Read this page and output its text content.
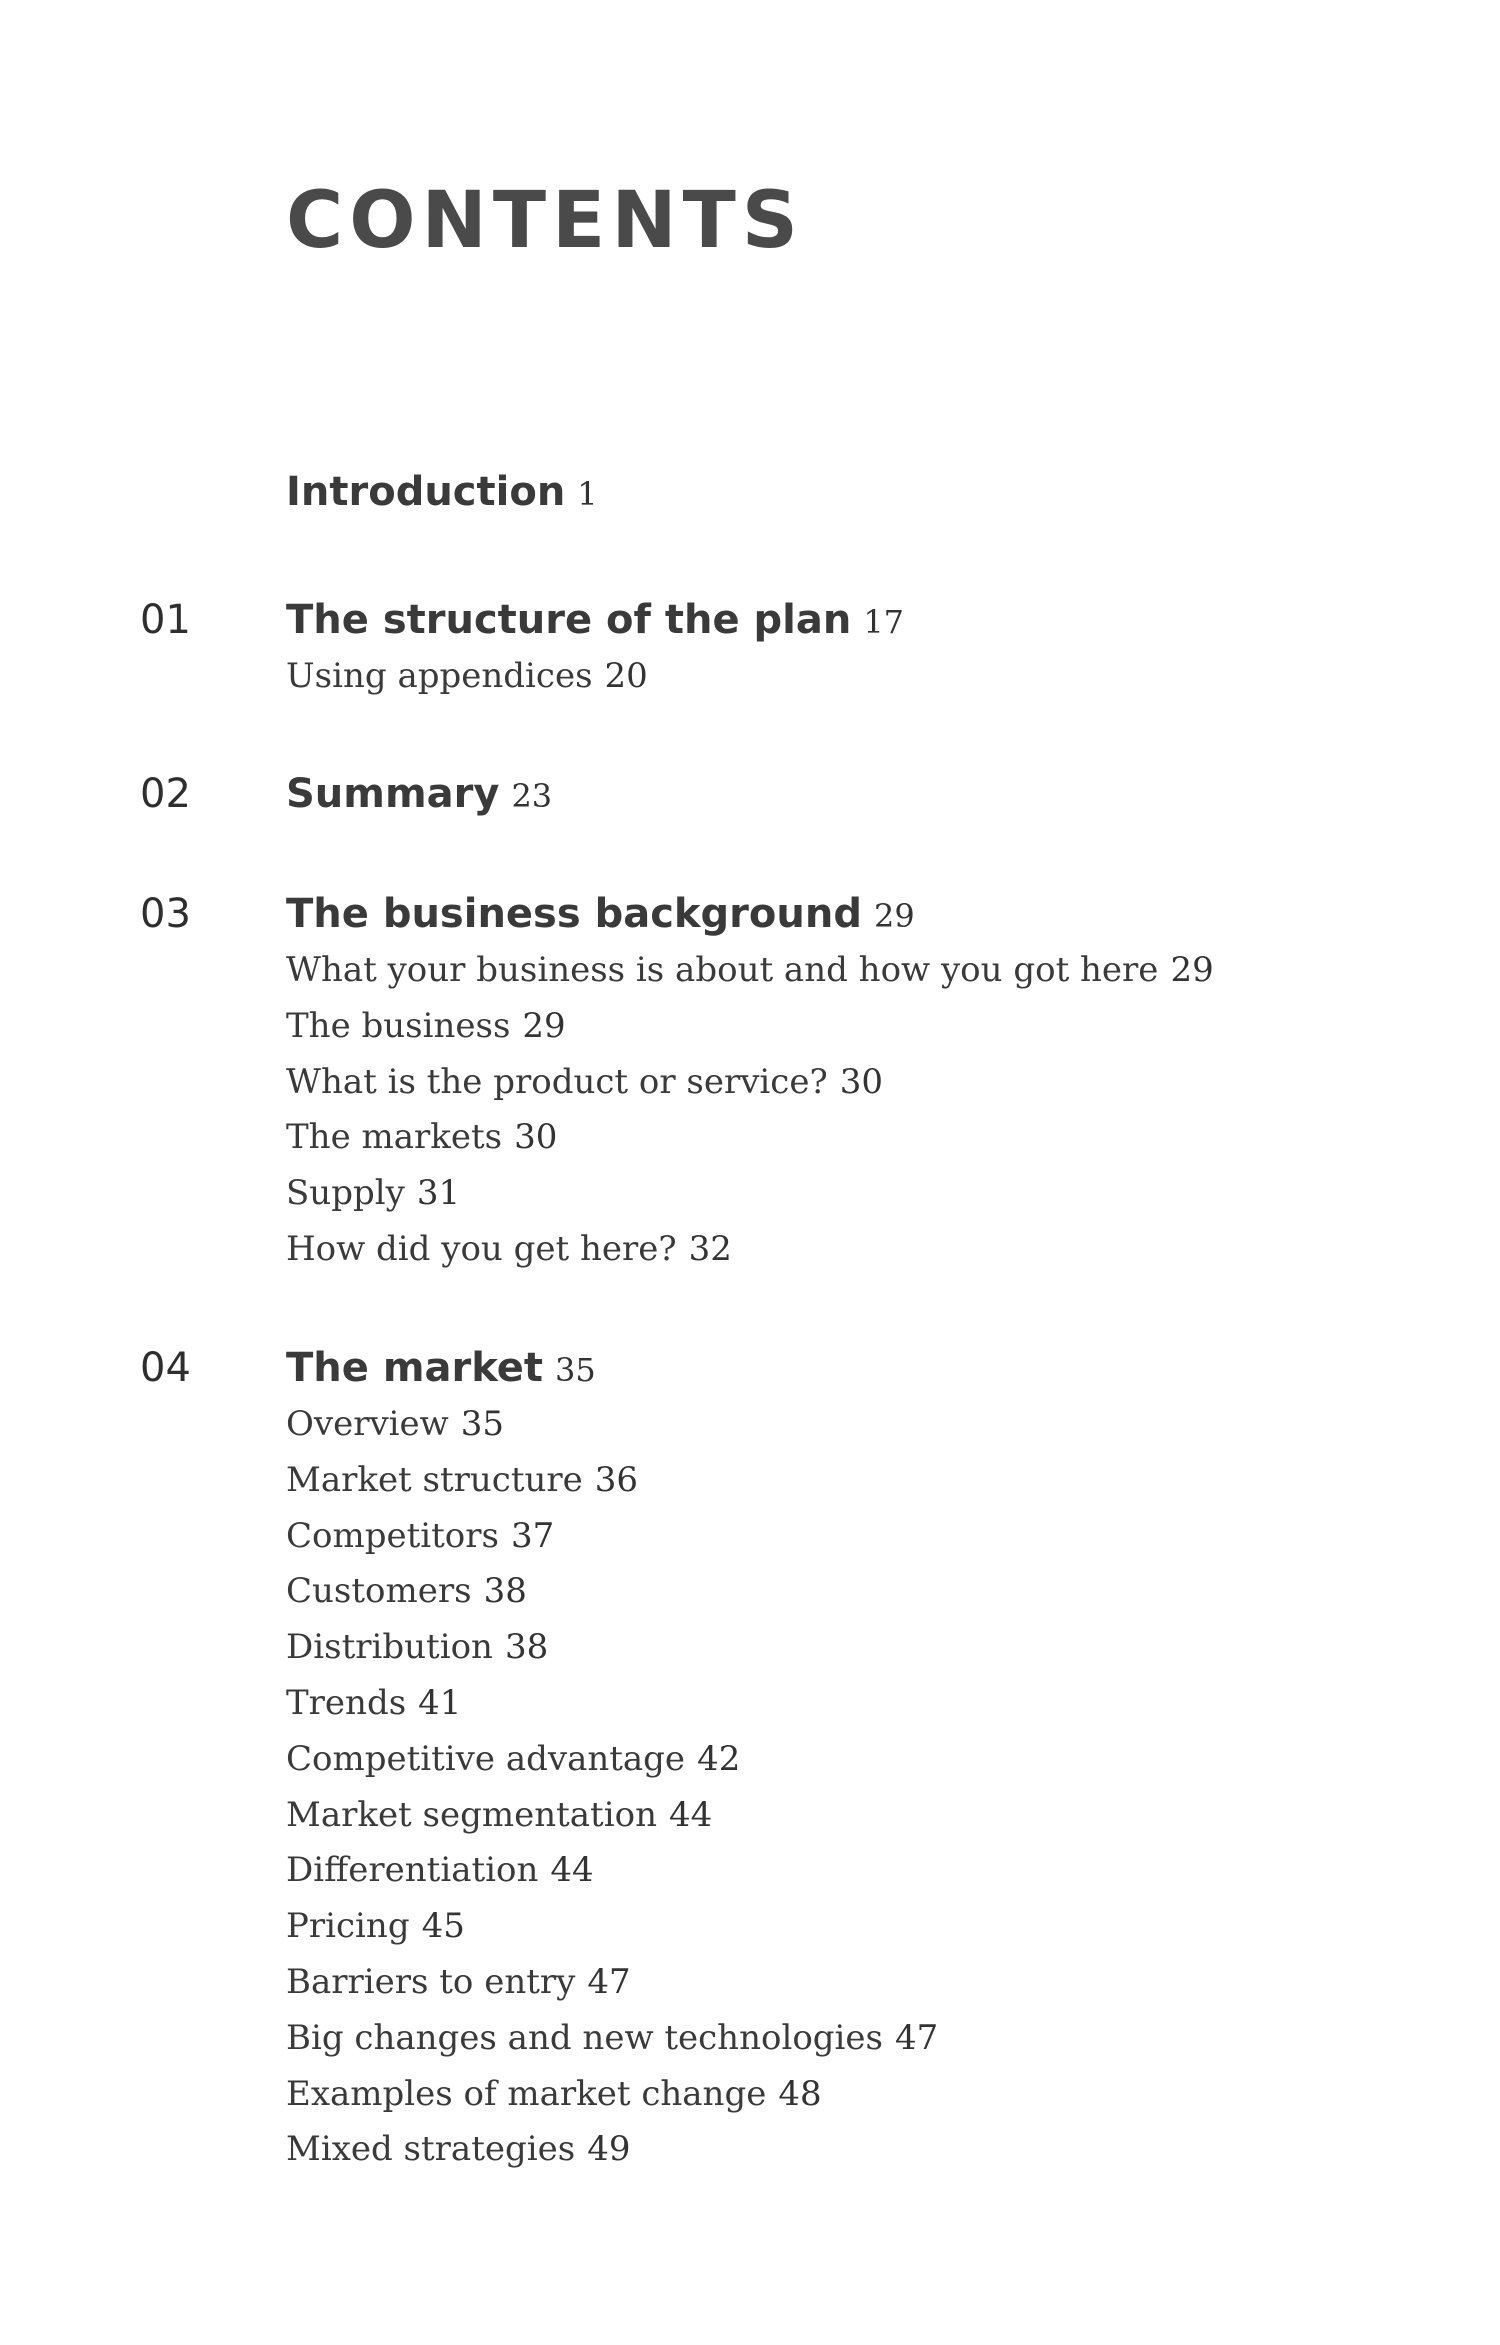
CONTENTS
Introduction 1
01 The structure of the plan 17
Using appendices 20
02 Summary 23
03 The business background 29
What your business is about and how you got here 29
The business 29
What is the product or service? 30
The markets 30
Supply 31
How did you get here? 32
04 The market 35
Overview 35
Market structure 36
Competitors 37
Customers 38
Distribution 38
Trends 41
Competitive advantage 42
Market segmentation 44
Differentiation 44
Pricing 45
Barriers to entry 47
Big changes and new technologies 47
Examples of market change 48
Mixed strategies 49
